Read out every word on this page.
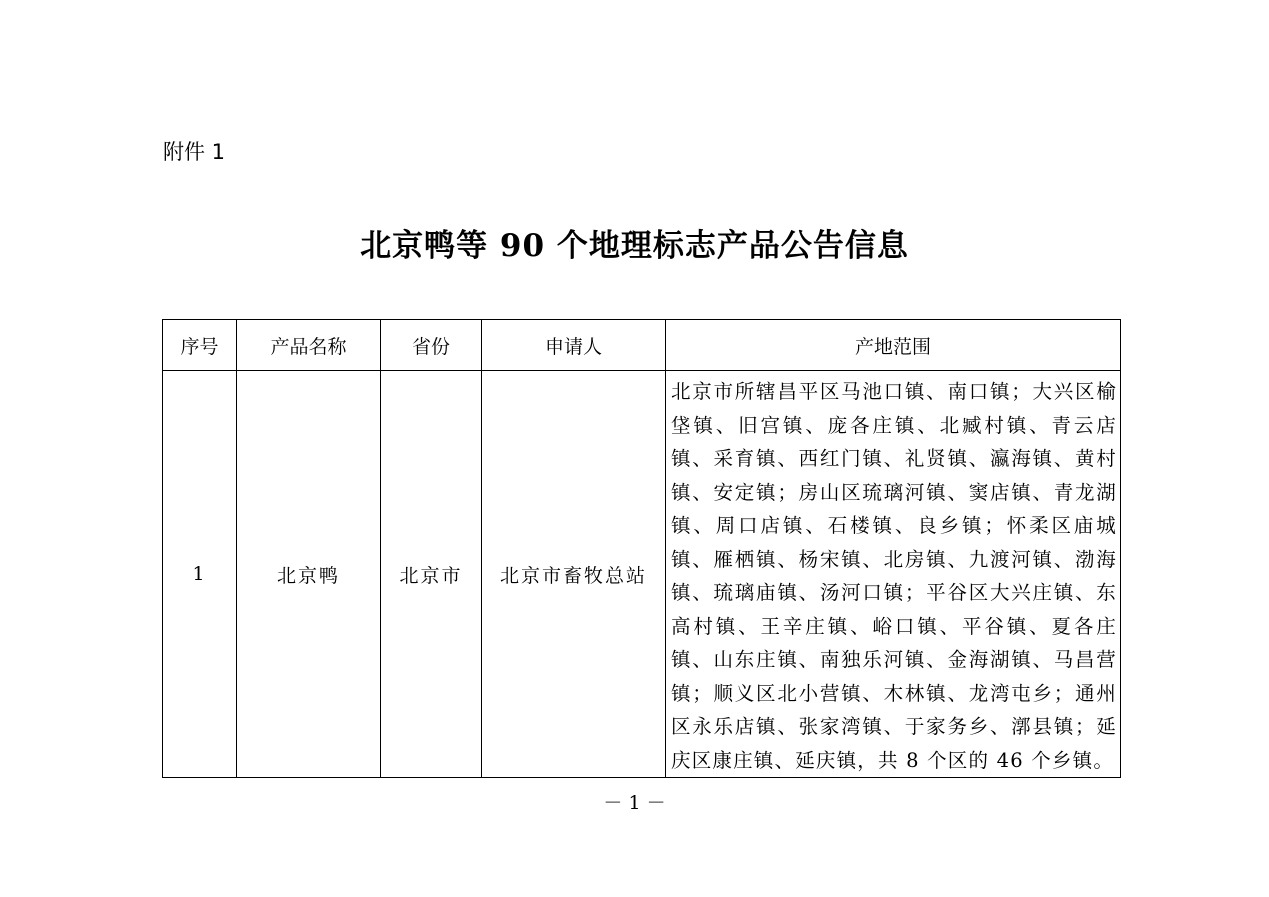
附件 1
北京鸭等 90 个地理标志产品公告信息
序号	产品名称	省份	申请人	产地范围
1	北京鸭	北京市	北京市畜牧总站	北京市所辖昌平区马池口镇、南口镇；大兴区榆垡镇、旧宫镇、庞各庄镇、北臧村镇、青云店镇、采育镇、西红门镇、礼贤镇、瀛海镇、黄村镇、安定镇；房山区琉璃河镇、窦店镇、青龙湖镇、周口店镇、石楼镇、良乡镇；怀柔区庙城镇、雁栖镇、杨宋镇、北房镇、九渡河镇、渤海镇、琉璃庙镇、汤河口镇；平谷区大兴庄镇、东高村镇、王辛庄镇、峪口镇、平谷镇、夏各庄镇、山东庄镇、南独乐河镇、金海湖镇、马昌营镇；顺义区北小营镇、木林镇、龙湾屯乡；通州区永乐店镇、张家湾镇、于家务乡、漷县镇；延庆区康庄镇、延庆镇，共 8 个区的 46 个乡镇。
－ 1 －
